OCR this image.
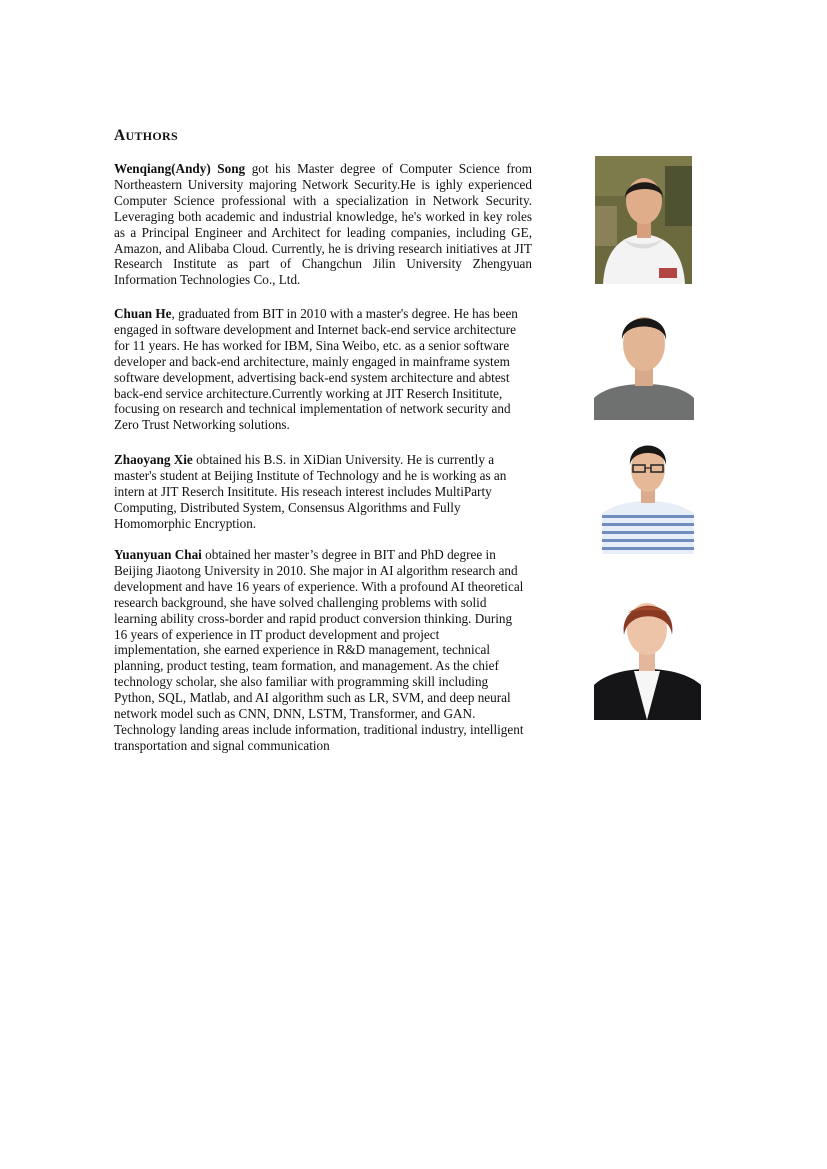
AUTHORS

Wenqiang(Andy) Song got his Master degree of Computer Science from Northeastern University majoring Network Security.He is ighly experienced Computer Science professional with a specialization in Network Security. Leveraging both academic and industrial knowledge, he's worked in key roles as a Principal Engineer and Architect for leading companies, including GE, Amazon, and Alibaba Cloud. Currently, he is driving research initiatives at JIT Research Institute as part of Changchun Jilin University Zhengyuan Information Technologies Co., Ltd.

Chuan He, graduated from BIT in 2010 with a master's degree. He has been engaged in software development and Internet back-end service architecture for 11 years. He has worked for IBM, Sina Weibo, etc. as a senior software developer and back-end architecture, mainly engaged in mainframe system software development, advertising back-end system architecture and abtest back-end service architecture.Currently working at JIT Reserch Insititute, focusing on research and technical implementation of network security and Zero Trust Networking solutions.

Zhaoyang Xie obtained his B.S. in XiDian University. He is currently a master's student at Beijing Institute of Technology and he is working as an intern at JIT Reserch Insititute. His reseach interest includes MultiParty Computing, Distributed System, Consensus Algorithms and Fully Homomorphic Encryption.

Yuanyuan Chai obtained her master’s degree in BIT and PhD degree in Beijing Jiaotong University in 2010. She major in AI algorithm research and development and have 16 years of experience. With a profound AI theoretical research background, she have solved challenging problems with solid learning ability cross-border and rapid product conversion thinking. During 16 years of experience in IT product development and project implementation, she earned experience in R&D management, technical planning, product testing, team formation, and management. As the chief technology scholar, she also familiar with programming skill including Python, SQL, Matlab, and AI algorithm such as LR, SVM, and deep neural network model such as CNN, DNN, LSTM, Transformer, and GAN. Technology landing areas include information, traditional industry, intelligent transportation and signal communication
